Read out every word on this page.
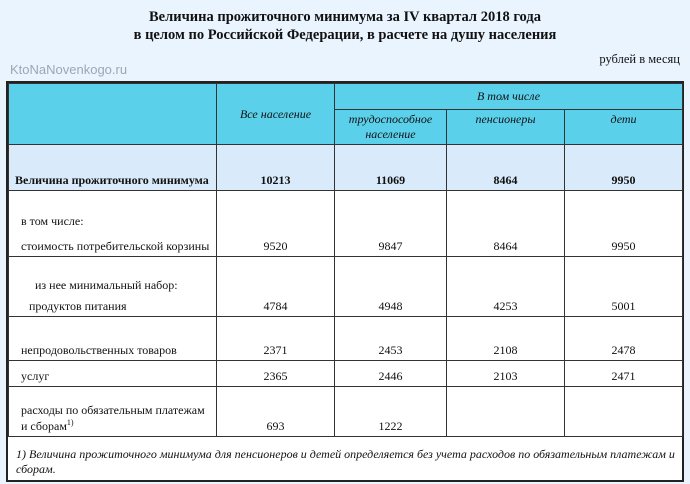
Величина прожиточного минимума за IV квартал 2018 года
в целом по Российской Федерации, в расчете на душу населения
KtoNaNovenkogo.ru
рублей в месяц
	Все население	В том числе		
		трудоспособное население	пенсионеры	дети
Величина прожиточного минимума	10213	11069	8464	9950

в том числе:
стоимость потребительской корзины	9520	9847	8464	9950

из нее минимальный набор:
продуктов питания	4784	4948	4253	5001
непродовольственных товаров	2371	2453	2108	2478
услуг	2365	2446	2103	2471
расходы по обязательным платежам и сборам$^{1)}$	693	1222		
1) Величина прожиточного минимума для пенсионеров и детей определяется без учета расходов по обязательным платежам и сборам.
